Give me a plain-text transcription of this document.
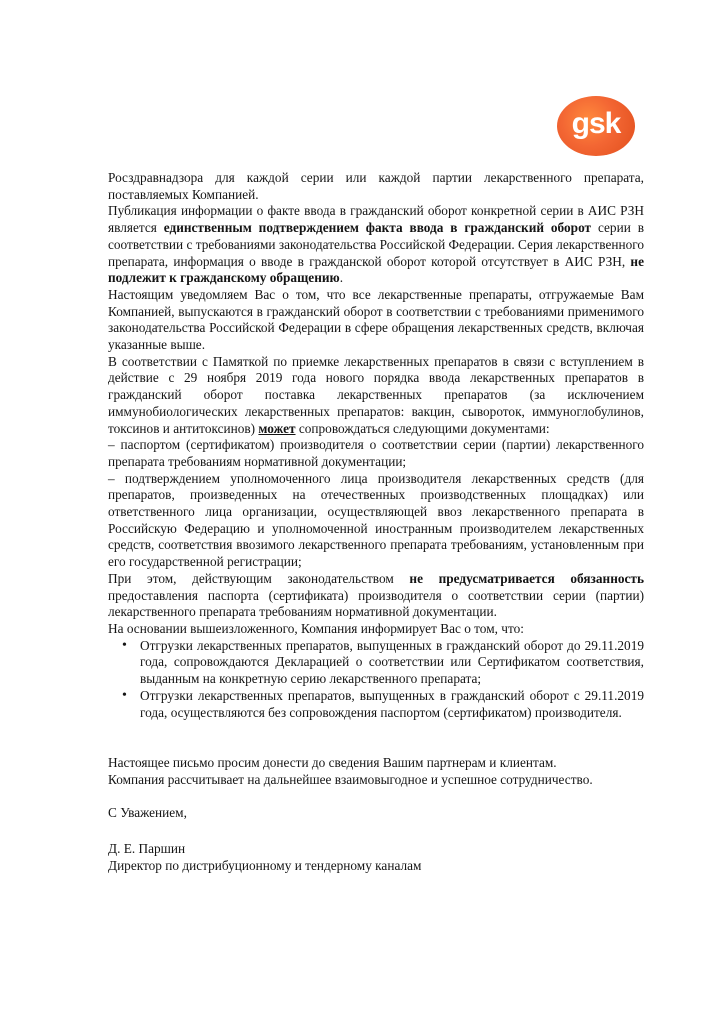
gsk

Росздравнадзора для каждой серии или каждой партии лекарственного препарата, поставляемых Компанией.

Публикация информации о факте ввода в гражданский оборот конкретной серии в АИС РЗН является единственным подтверждением факта ввода в гражданский оборот серии в соответствии с требованиями законодательства Российской Федерации. Серия лекарственного препарата, информация о вводе в гражданской оборот которой отсутствует в АИС РЗН, не подлежит к гражданскому обращению.

Настоящим уведомляем Вас о том, что все лекарственные препараты, отгружаемые Вам Компанией, выпускаются в гражданский оборот в соответствии с требованиями применимого законодательства Российской Федерации в сфере обращения лекарственных средств, включая указанные выше.

В соответствии с Памяткой по приемке лекарственных препаратов в связи с вступлением в действие с 29 ноября 2019 года нового порядка ввода лекарственных препаратов в гражданский оборот поставка лекарственных препаратов (за исключением иммунобиологических лекарственных препаратов: вакцин, сывороток, иммуноглобулинов, токсинов и антитоксинов) может сопровождаться следующими документами:

– паспортом (сертификатом) производителя о соответствии серии (партии) лекарственного препарата требованиям нормативной документации;

– подтверждением уполномоченного лица производителя лекарственных средств (для препаратов, произведенных на отечественных производственных площадках) или ответственного лица организации, осуществляющей ввоз лекарственного препарата в Российскую Федерацию и уполномоченной иностранным производителем лекарственных средств, соответствия ввозимого лекарственного препарата требованиям, установленным при его государственной регистрации;

При этом, действующим законодательством не предусматривается обязанность предоставления паспорта (сертификата) производителя о соответствии серии (партии) лекарственного препарата требованиям нормативной документации.

На основании вышеизложенного, Компания информирует Вас о том, что:

• Отгрузки лекарственных препаратов, выпущенных в гражданский оборот до 29.11.2019 года, сопровождаются Декларацией о соответствии или Сертификатом соответствия, выданным на конкретную серию лекарственного препарата;
• Отгрузки лекарственных препаратов, выпущенных в гражданский оборот с 29.11.2019 года, осуществляются без сопровождения паспортом (сертификатом) производителя.

Настоящее письмо просим донести до сведения Вашим партнерам и клиентам.

Компания рассчитывает на дальнейшее взаимовыгодное и успешное сотрудничество.

С Уважением,

Д. Е. Паршин

Директор по дистрибуционному и тендерному каналам
